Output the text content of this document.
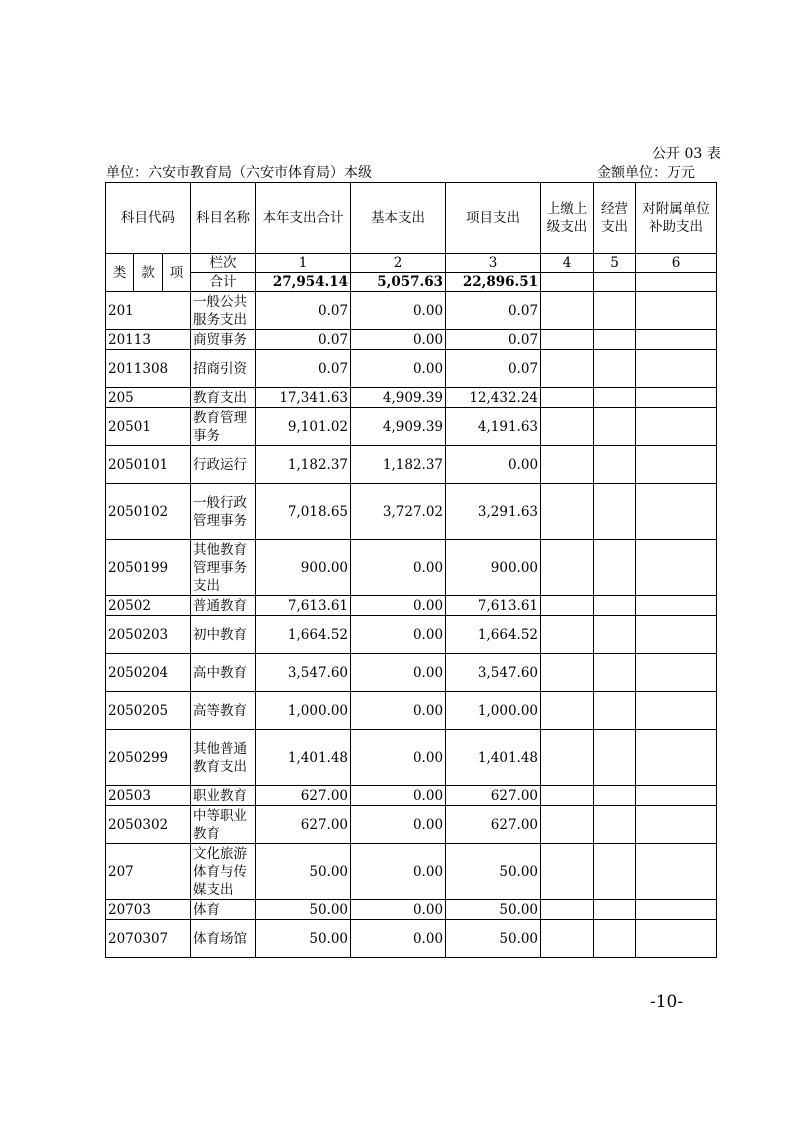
公开 03 表
单位：六安市教育局（六安市体育局）本级	金额单位：万元
科目代码			科目名称	本年支出合计	基本支出	项目支出	上缴上级支出	经营支出	对附属单位补助支出
类	款	项	栏次	1	2	3	4	5	6
			合计	27,954.14	5,057.63	22,896.51			
201			一般公共服务支出	0.07	0.00	0.07			
20113			商贸事务	0.07	0.00	0.07			
2011308			招商引资	0.07	0.00	0.07			
205			教育支出	17,341.63	4,909.39	12,432.24			
20501			教育管理事务	9,101.02	4,909.39	4,191.63			
2050101			行政运行	1,182.37	1,182.37	0.00			
2050102			一般行政管理事务	7,018.65	3,727.02	3,291.63			
2050199			其他教育管理事务支出	900.00	0.00	900.00			
20502			普通教育	7,613.61	0.00	7,613.61			
2050203			初中教育	1,664.52	0.00	1,664.52			
2050204			高中教育	3,547.60	0.00	3,547.60			
2050205			高等教育	1,000.00	0.00	1,000.00			
2050299			其他普通教育支出	1,401.48	0.00	1,401.48			
20503			职业教育	627.00	0.00	627.00			
2050302			中等职业教育	627.00	0.00	627.00			
207			文化旅游体育与传媒支出	50.00	0.00	50.00			
20703			体育	50.00	0.00	50.00			
2070307			体育场馆	50.00	0.00	50.00			
-10-
